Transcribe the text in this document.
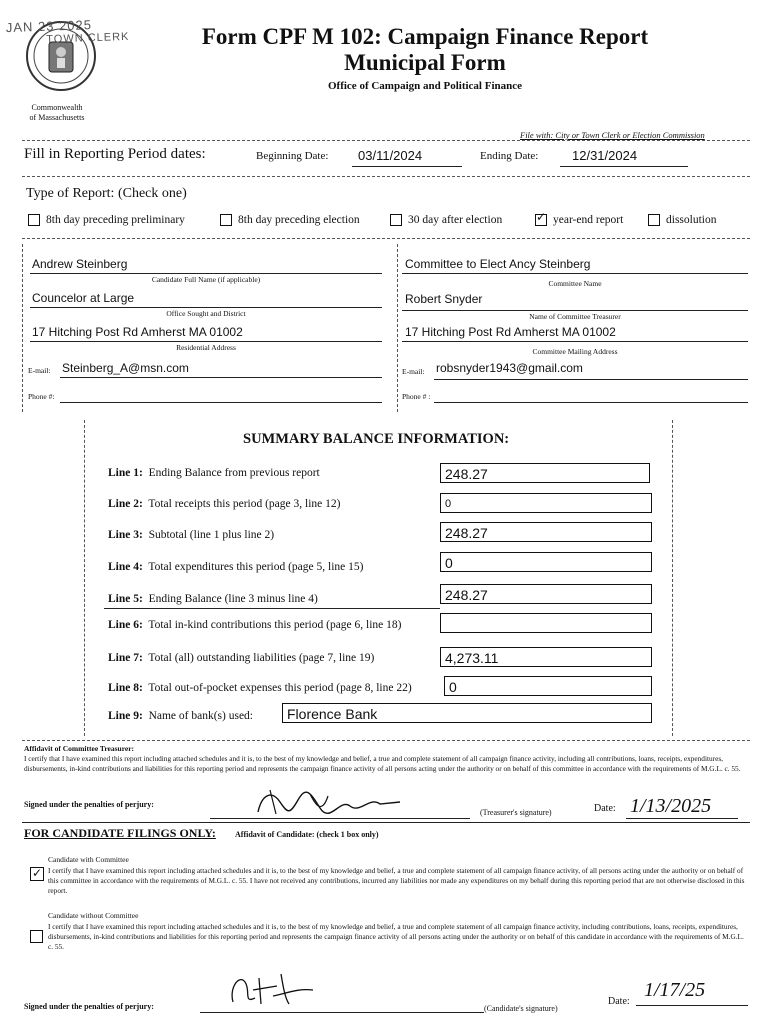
JAN 23 2025
TOWN CLERK
Commonwealth
of Massachusetts
Form CPF M 102: Campaign Finance Report
Municipal Form
Office of Campaign and Political Finance
File with: City or Town Clerk or Election Commission
Fill in Reporting Period dates:	Beginning Date: 03/11/2024	Ending Date:	12/31/2024
Type of Report: (Check one)
8th day preceding preliminary	8th day preceding election	30 day after election	✓ year-end report	dissolution
Andrew Steinberg
Candidate Full Name (if applicable)
Councelor at Large
Office Sought and District
17 Hitching Post Rd Amherst MA 01002
Residential Address
E-mail: Steinberg_A@msn.com
Phone #:
Committee to Elect Ancy Steinberg
Committee Name
Robert Snyder
Name of Committee Treasurer
17 Hitching Post Rd Amherst MA 01002
Committee Mailing Address
E-mail: robsnyder1943@gmail.com
Phone # :
SUMMARY BALANCE INFORMATION:
Line 1: Ending Balance from previous report	248.27
Line 2: Total receipts this period (page 3, line 12)	0
Line 3: Subtotal (line 1 plus line 2)	248.27
Line 4: Total expenditures this period (page 5, line 15)	0
Line 5: Ending Balance (line 3 minus line 4)	248.27
Line 6: Total in-kind contributions this period (page 6, line 18)
Line 7: Total (all) outstanding liabilities (page 7, line 19)	4,273.11
Line 8: Total out-of-pocket expenses this period (page 8, line 22)	0
Line 9: Name of bank(s) used:	Florence Bank
Affidavit of Committee Treasurer:
I certify that I have examined this report including attached schedules and it is, to the best of my knowledge and belief, a true and complete statement of all campaign finance activity, including all contributions, loans, receipts, expenditures, disbursements, in-kind contributions and liabilities for this reporting period and represents the campaign finance activity of all persons acting under the authority or on behalf of this committee in accordance with the requirements of M.G.L. c. 55.
Signed under the penalties of perjury:
(Treasurer's signature)	Date: 1/13/2025
FOR CANDIDATE FILINGS ONLY: Affidavit of Candidate: (check 1 box only)
Candidate with Committee
✓ I certify that I have examined this report including attached schedules and it is, to the best of my knowledge and belief, a true and complete statement of all campaign finance activity, of all persons acting under the authority or on behalf of this committee in accordance with the requirements of M.G.L. c. 55. I have not received any contributions, incurred any liabilities nor made any expenditures on my behalf during this reporting period that are not otherwise disclosed in this report.
Candidate without Committee
I certify that I have examined this report including attached schedules and it is, to the best of my knowledge and belief, a true and complete statement of all campaign finance activity, including contributions, loans, receipts, expenditures, disbursements, in-kind contributions and liabilities for this reporting period and represents the campaign finance activity of all persons acting under the authority or on behalf of this candidate in accordance with the requirements of M.G.L. c. 55.
Signed under the penalties of perjury:	(Candidate's signature)
Date:
1/17/25
